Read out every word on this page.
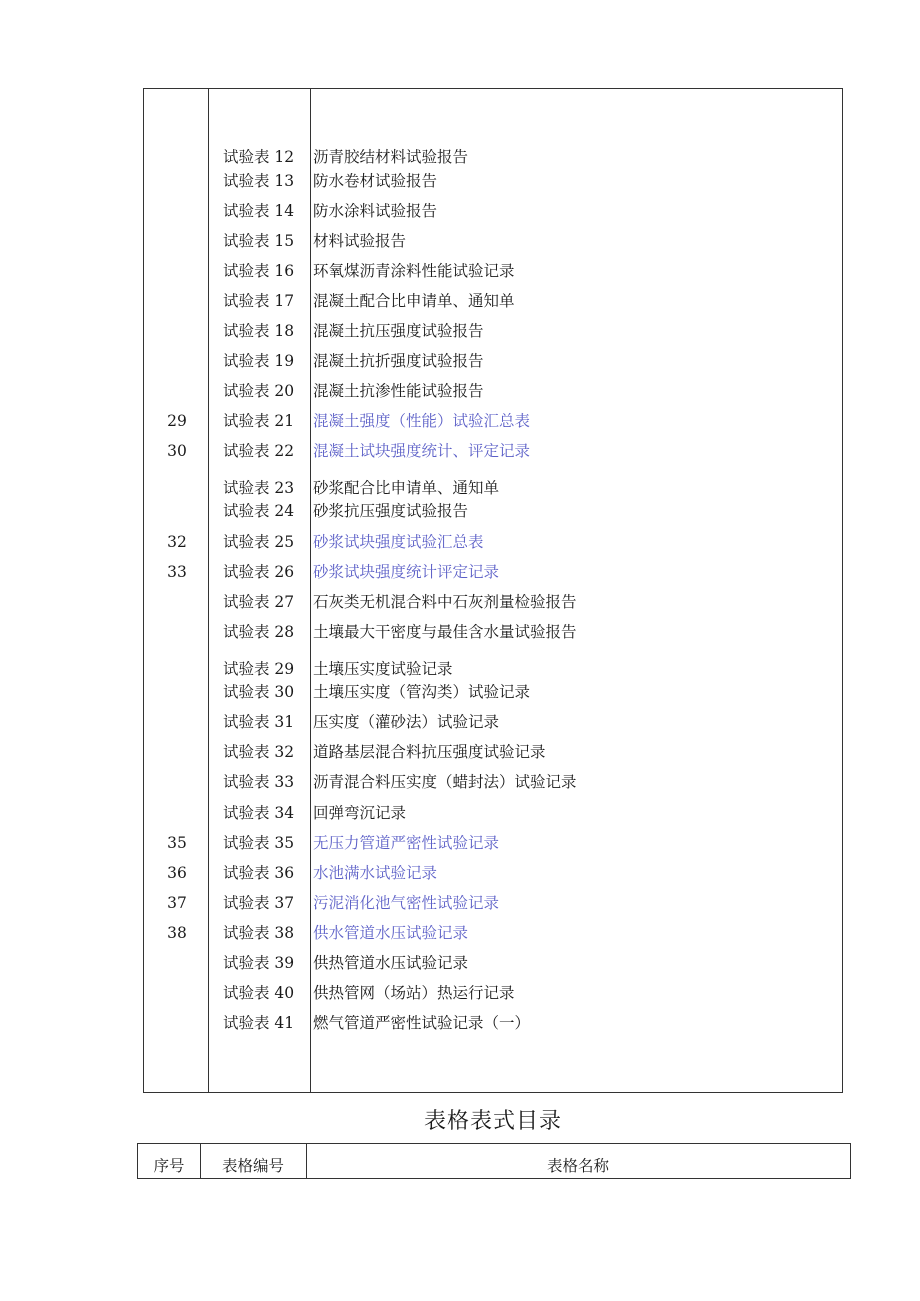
试验表 12 沥青胶结材料试验报告
试验表 13 防水卷材试验报告
试验表 14 防水涂料试验报告
试验表 15 材料试验报告
试验表 16 环氧煤沥青涂料性能试验记录
试验表 17 混凝土配合比申请单、通知单
试验表 18 混凝土抗压强度试验报告
试验表 19 混凝土抗折强度试验报告
试验表 20 混凝土抗渗性能试验报告
29	试验表 21 混凝土强度（性能）试验汇总表
30	试验表 22 混凝土试块强度统计、评定记录
试验表 23 砂浆配合比申请单、通知单
试验表 24 砂浆抗压强度试验报告
32	试验表 25 砂浆试块强度试验汇总表
33	试验表 26 砂浆试块强度统计评定记录
试验表 27 石灰类无机混合料中石灰剂量检验报告
试验表 28 土壤最大干密度与最佳含水量试验报告
试验表 29 土壤压实度试验记录
试验表 30 土壤压实度（管沟类）试验记录
试验表 31 压实度（灌砂法）试验记录
试验表 32 道路基层混合料抗压强度试验记录
试验表 33 沥青混合料压实度（蜡封法）试验记录
试验表 34 回弹弯沉记录
35	试验表 35 无压力管道严密性试验记录
36	试验表 36 水池满水试验记录
37	试验表 37 污泥消化池气密性试验记录
38	试验表 38 供水管道水压试验记录
试验表 39 供热管道水压试验记录
试验表 40 供热管网（场站）热运行记录
试验表 41 燃气管道严密性试验记录（一）
表格表式目录
序号	表格编号	表格名称
